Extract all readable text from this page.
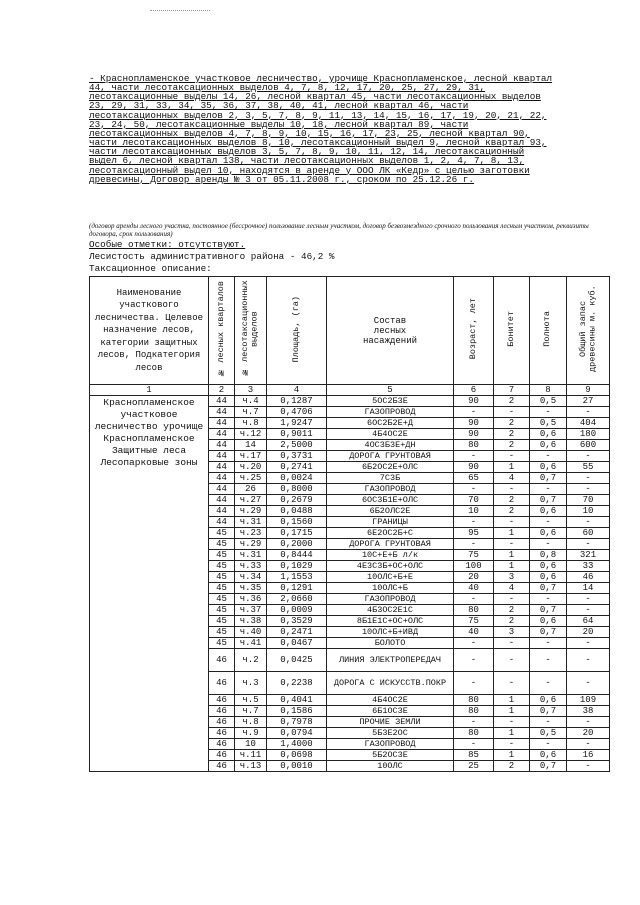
- Краснопламенское участковое лесничество, урочище Краснопламенское, лесной квартал
44, части лесотаксационных выделов 4, 7, 8, 12, 17, 20, 25, 27, 29, 31,
лесотаксационные выделы 14, 26, лесной квартал 45, части лесотаксационных выделов
23, 29, 31, 33, 34, 35, 36, 37, 38, 40, 41, лесной квартал 46, части
лесотаксационных выделов 2, 3, 5, 7, 8, 9, 11, 13, 14, 15, 16, 17, 19, 20, 21, 22,
23, 24, 50, лесотаксационные выделы 10, 18, лесной квартал 89, части
лесотаксационных выделов 4, 7, 8, 9, 10, 15, 16, 17, 23, 25, лесной квартал 90,
части лесотаксационных выделов 8, 10, лесотаксационный выдел 9, лесной квартал 93,
части лесотаксационных выделов 3, 5, 7, 8, 9, 10, 11, 12, 14, лесотаксационный
выдел 6, лесной квартал 138, части лесотаксационных выделов 1, 2, 4, 7, 8, 13,
лесотаксационный выдел 10, находятся в аренде у ООО ЛК «Кедр» с целью заготовки
древесины, Договор аренды № 3 от 05.11.2008 г., сроком по 25.12.26 г.
(договор аренды лесного участка, постоянное (бессрочное) пользование лесным участком, договор безвозмездного срочного пользования лесным участком, реквизиты договора, срок пользования)
Особые отметки: отсутствуют.
Лесистость административного района - 46,2 %
Таксационное описание:
Наименование участкового лесничества. Целевое назначение лесов, категории защитных лесов, Подкатегория лесов	№ лесных кварталов	№ лесотаксационных выделов	Площадь, (га)	Состав лесных насаждений	Возраст, лет	Бонитет	Полнота	Общий запас древесины м. куб.
1	2	3	4	5	6	7	8	9
Краснопламенское участковое лесничество урочище Краснопламенское Защитные леса Лесопарковые зоны	44	ч.4	0,1287	5ОС2Б3Е	90	2	0,5	27
	44	ч.7	0,4706	ГАЗОПРОВОД	-	-	-	-
	44	ч.8	1,9247	6ОС2Б2Е+Д	90	2	0,5	404
	44	ч.12	0,9011	4Б4ОС2Е	90	2	0,6	180
	44	14	2,5000	4ОС3Б3Е+ДН	80	2	0,6	600
	44	ч.17	0,3731	ДОРОГА ГРУНТОВАЯ	-	-	-	-
	44	ч.20	0,2741	6Б2ОС2Е+ОЛС	90	1	0,6	55
	44	ч.25	0,0024	7С3Б	65	4	0,7	-
	44	26	0,8000	ГАЗОПРОВОД	-	-	-	-
	44	ч.27	0,2679	6ОС3Б1Е+ОЛС	70	2	0,7	70
	44	ч.29	0,0488	6Б2ОЛС2Е	10	2	0,6	10
	44	ч.31	0,1560	ГРАНИЦЫ	-	-	-	-
	45	ч.23	0,1715	6Е2ОС2Б+С	95	1	0,6	60
	45	ч.29	0,2000	ДОРОГА ГРУНТОВАЯ	-	-	-	-
	45	ч.31	0,8444	10С+Е+Б л/к	75	1	0,8	321
	45	ч.33	0,1029	4Е3С3Б+ОС+ОЛС	100	1	0,6	33
	45	ч.34	1,1553	10ОЛС+Б+Е	20	3	0,6	46
	45	ч.35	0,1291	10ОЛС+Б	40	4	0,7	14
	45	ч.36	2,0660	ГАЗОПРОВОД	-	-	-	-
	45	ч.37	0,0009	4Б3ОС2Е1С	80	2	0,7	-
	45	ч.38	0,3529	8Б1Е1С+ОС+ОЛС	75	2	0,6	64
	45	ч.40	0,2471	10ОЛС+Б+ИВД	40	3	0,7	20
	45	ч.41	0,0467	БОЛОТО	-	-	-	-
	46	ч.2	0,0425	ЛИНИЯ ЭЛЕКТРОПЕРЕДАЧ	-	-	-	-
	46	ч.3	0,2238	ДОРОГА С ИСКУССТВ.ПОКР	-	-	-	-
	46	ч.5	0,4041	4Б4ОС2Е	80	1	0,6	109
	46	ч.7	0,1586	6Б1ОС3Е	80	1	0,7	38
	46	ч.8	0,7978	ПРОЧИЕ ЗЕМЛИ	-	-	-	-
	46	ч.9	0,0794	5Б3Е2ОС	80	1	0,5	20
	46	10	1,4000	ГАЗОПРОВОД	-	-	-	-
	46	ч.11	0,0698	5Б2ОС3Е	85	1	0,6	16
	46	ч.13	0,0010	10ОЛС	25	2	0,7	-
